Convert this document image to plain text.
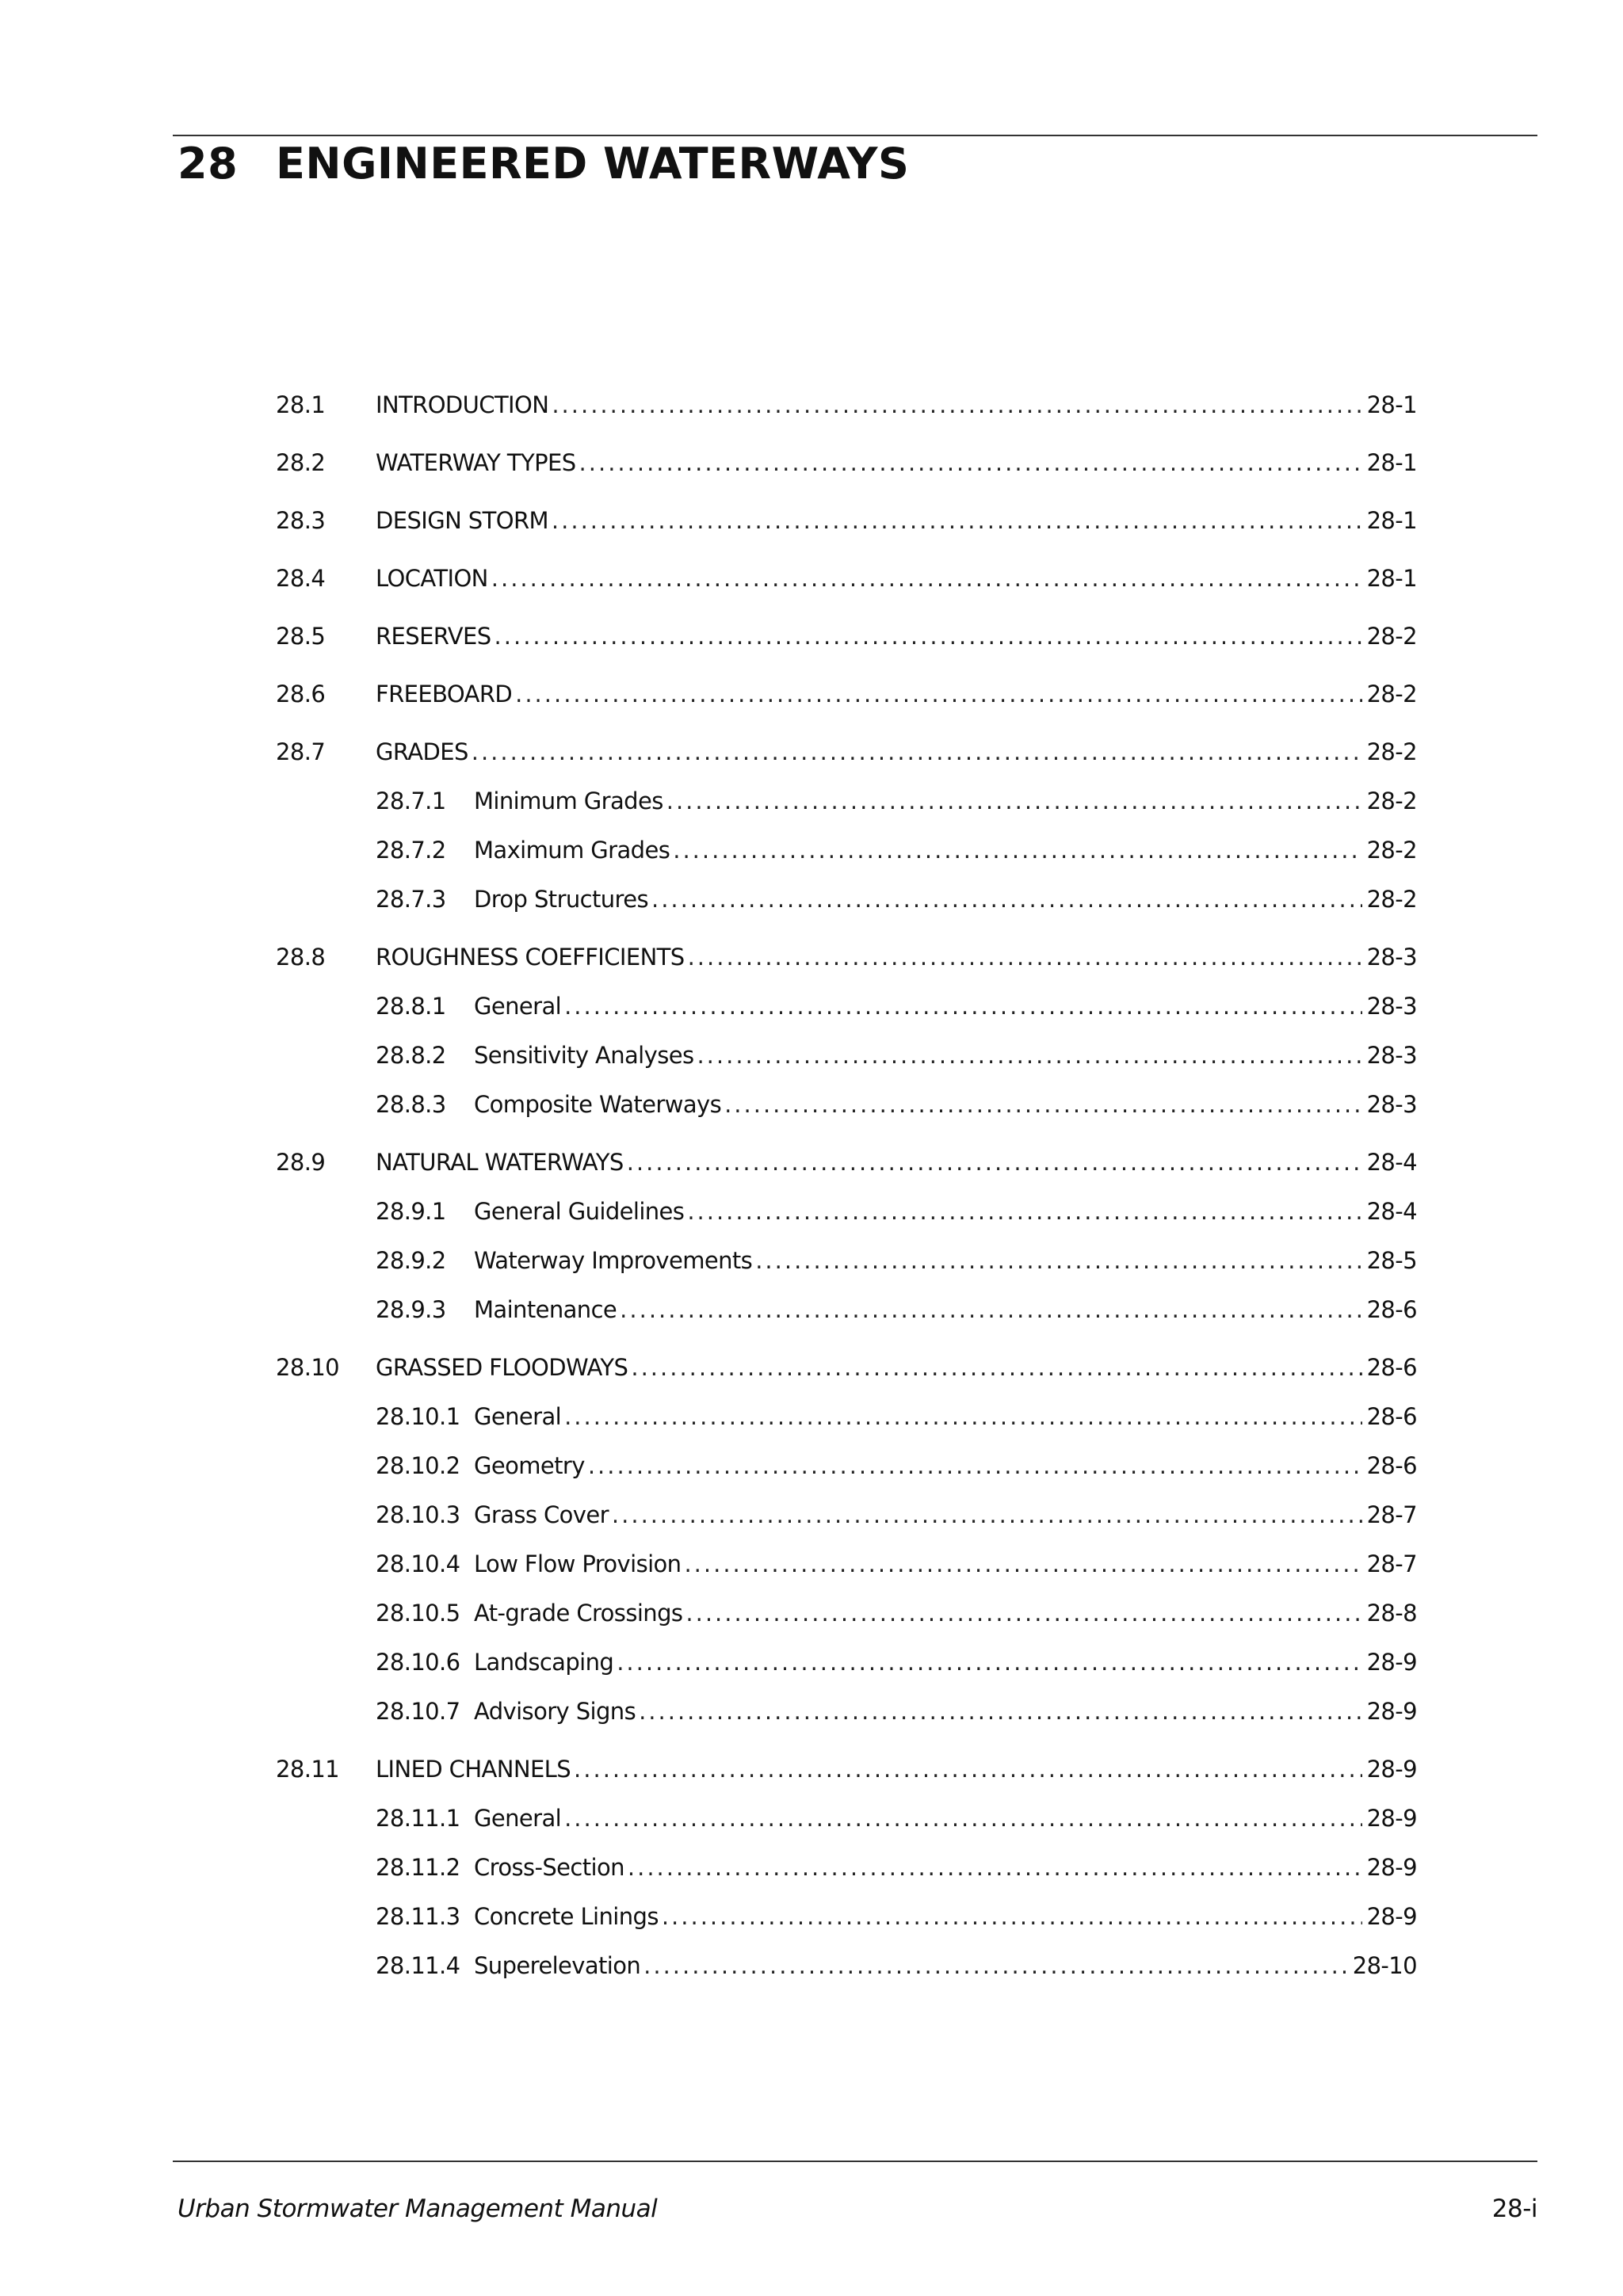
28 ENGINEERED WATERWAYS
28.1	INTRODUCTION .....	28-1
28.2	WATERWAY TYPES .....	28-1
28.3	DESIGN STORM .....	28-1
28.4	LOCATION .....	28-1
28.5	RESERVES .....	28-2
28.6	FREEBOARD .....	28-2
28.7	GRADES .....	28-2
28.7.1	Minimum Grades .....	28-2
28.7.2	Maximum Grades .....	28-2
28.7.3	Drop Structures .....	28-2
28.8	ROUGHNESS COEFFICIENTS .....	28-3
28.8.1	General .....	28-3
28.8.2	Sensitivity Analyses .....	28-3
28.8.3	Composite Waterways .....	28-3
28.9	NATURAL WATERWAYS .....	28-4
28.9.1	General Guidelines .....	28-4
28.9.2	Waterway Improvements .....	28-5
28.9.3	Maintenance .....	28-6
28.10	GRASSED FLOODWAYS .....	28-6
28.10.1 General .....	28-6
28.10.2 Geometry .....	28-6
28.10.3 Grass Cover .....	28-7
28.10.4 Low Flow Provision .....	28-7
28.10.5 At-grade Crossings .....	28-8
28.10.6 Landscaping .....	28-9
28.10.7 Advisory Signs .....	28-9
28.11	LINED CHANNELS .....	28-9
28.11.1 General .....	28-9
28.11.2 Cross-Section .....	28-9
28.11.3 Concrete Linings .....	28-9
28.11.4 Superelevation .....	28-10
Urban Stormwater Management Manual	28-i
